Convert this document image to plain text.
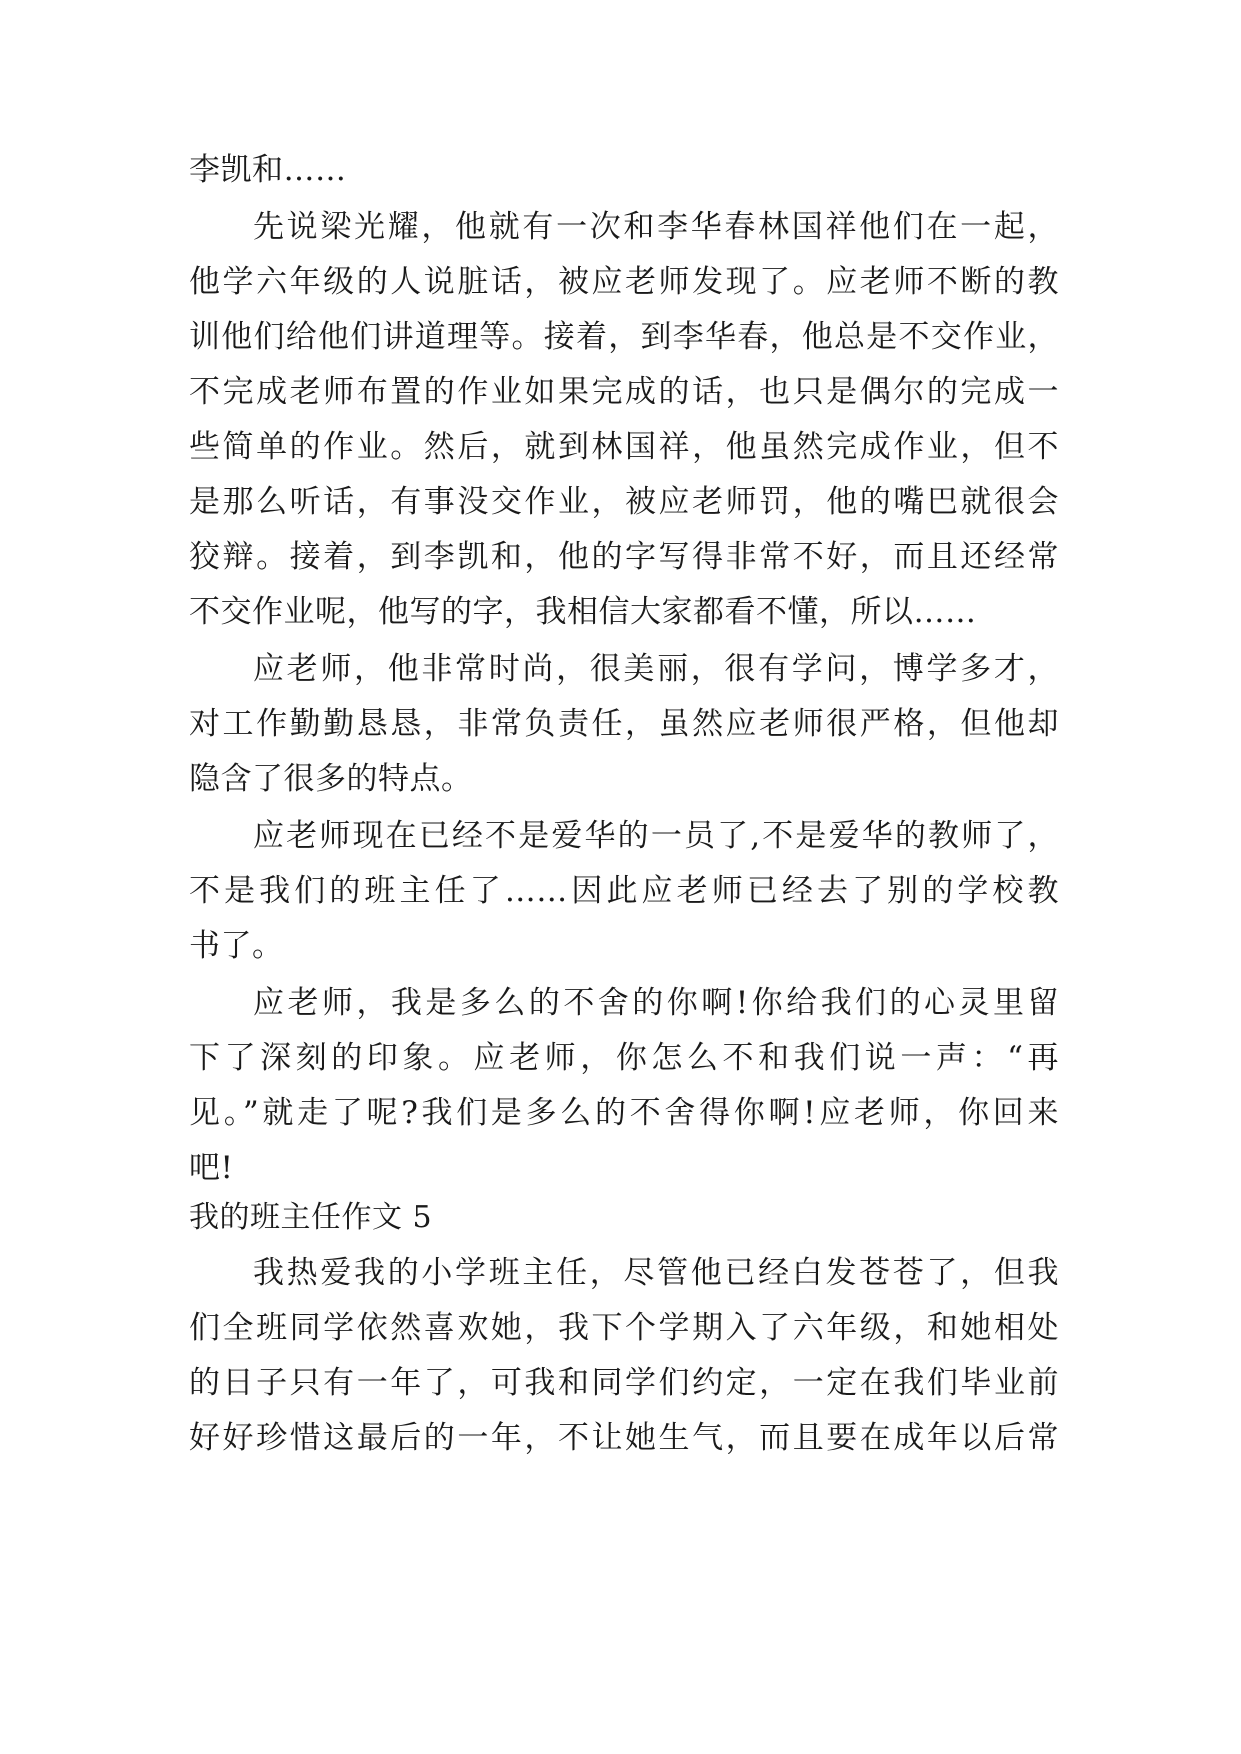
李凯和……
先说梁光耀，他就有一次和李华春林国祥他们在一起，
他学六年级的人说脏话，被应老师发现了。应老师不断的教
训他们给他们讲道理等。接着，到李华春，他总是不交作业，
不完成老师布置的作业如果完成的话，也只是偶尔的完成一
些简单的作业。然后，就到林国祥，他虽然完成作业，但不
是那么听话，有事没交作业，被应老师罚，他的嘴巴就很会
狡辩。接着，到李凯和，他的字写得非常不好，而且还经常
不交作业呢，他写的字，我相信大家都看不懂，所以……
应老师，他非常时尚，很美丽，很有学问，博学多才，
对工作勤勤恳恳，非常负责任，虽然应老师很严格，但他却
隐含了很多的特点。
应老师现在已经不是爱华的一员了,不是爱华的教师了，
不是我们的班主任了……因此应老师已经去了别的学校教
书了。
应老师，我是多么的不舍的你啊!你给我们的心灵里留
下了深刻的印象。应老师，你怎么不和我们说一声：“再
见。”就走了呢?我们是多么的不舍得你啊!应老师，你回来
吧!
我的班主任作文 5
我热爱我的小学班主任，尽管他已经白发苍苍了，但我
们全班同学依然喜欢她，我下个学期入了六年级，和她相处
的日子只有一年了，可我和同学们约定，一定在我们毕业前
好好珍惜这最后的一年，不让她生气，而且要在成年以后常
